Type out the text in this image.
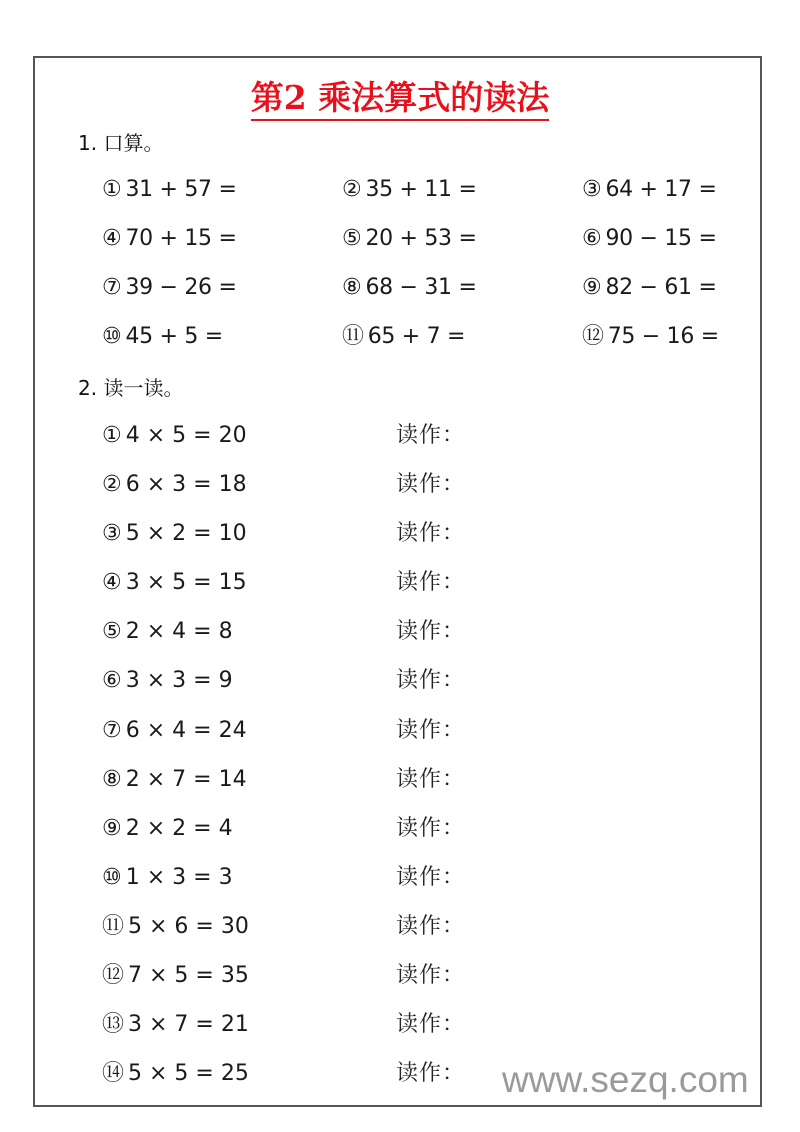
第2 乘法算式的读法
1. 口算。
① 31 + 57 =	② 35 + 11 =	③ 64 + 17 =
④ 70 + 15 =	⑤ 20 + 53 =	⑥ 90 − 15 =
⑦ 39 − 26 =	⑧ 68 − 31 =	⑨ 82 − 61 =
⑩ 45 + 5 =	⑪ 65 + 7 =	⑫ 75 − 16 =
2. 读一读。
① 4 × 5 = 20	读作：
② 6 × 3 = 18	读作：
③ 5 × 2 = 10	读作：
④ 3 × 5 = 15	读作：
⑤ 2 × 4 = 8	读作：
⑥ 3 × 3 = 9	读作：
⑦ 6 × 4 = 24	读作：
⑧ 2 × 7 = 14	读作：
⑨ 2 × 2 = 4	读作：
⑩ 1 × 3 = 3	读作：
⑪ 5 × 6 = 30	读作：
⑫ 7 × 5 = 35	读作：
⑬ 3 × 7 = 21	读作：
⑭ 5 × 5 = 25	读作： www.sezq.com
